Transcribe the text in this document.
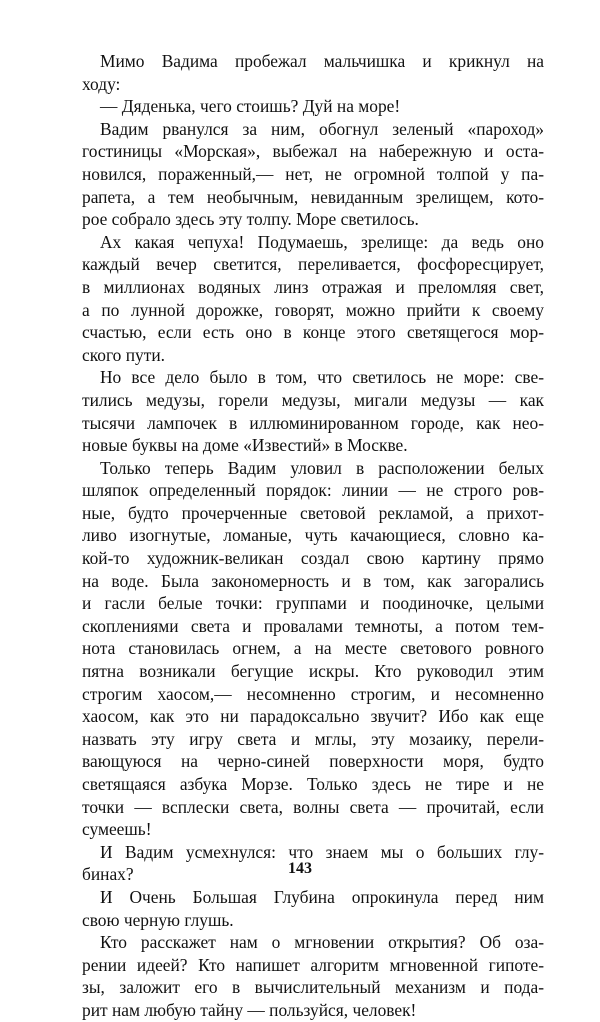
Мимо Вадима пробежал мальчишка и крикнул на
ходу:
— Дяденька, чего стоишь? Дуй на море!
Вадим рванулся за ним, обогнул зеленый «пароход»
гостиницы «Морская», выбежал на набережную и оста-
новился, пораженный,— нет, не огромной толпой у па-
рапета, а тем необычным, невиданным зрелищем, кото-
рое собрало здесь эту толпу. Море светилось.
Ах какая чепуха! Подумаешь, зрелище: да ведь оно
каждый вечер светится, переливается, фосфоресцирует,
в миллионах водяных линз отражая и преломляя свет,
а по лунной дорожке, говорят, можно прийти к своему
счастью, если есть оно в конце этого светящегося мор-
ского пути.
Но все дело было в том, что светилось не море: све-
тились медузы, горели медузы, мигали медузы — как
тысячи лампочек в иллюминированном городе, как нео-
новые буквы на доме «Известий» в Москве.
Только теперь Вадим уловил в расположении белых
шляпок определенный порядок: линии — не строго ров-
ные, будто прочерченные световой рекламой, а прихот-
ливо изогнутые, ломаные, чуть качающиеся, словно ка-
кой-то художник-великан создал свою картину прямо
на воде. Была закономерность и в том, как загорались
и гасли белые точки: группами и поодиночке, целыми
скоплениями света и провалами темноты, а потом тем-
нота становилась огнем, а на месте светового ровного
пятна возникали бегущие искры. Кто руководил этим
строгим хаосом,— несомненно строгим, и несомненно
хаосом, как это ни парадоксально звучит? Ибо как еще
назвать эту игру света и мглы, эту мозаику, перели-
вающуюся на черно-синей поверхности моря, будто
светящаяся азбука Морзе. Только здесь не тире и не
точки — всплески света, волны света — прочитай, если
сумеешь!
И Вадим усмехнулся: что знаем мы о больших глу-
бинах?
И Очень Большая Глубина опрокинула перед ним
свою черную глушь.
Кто расскажет нам о мгновении открытия? Об оза-
рении идеей? Кто напишет алгоритм мгновенной гипоте-
зы, заложит его в вычислительный механизм и пода-
рит нам любую тайну — пользуйся, человек!
143
